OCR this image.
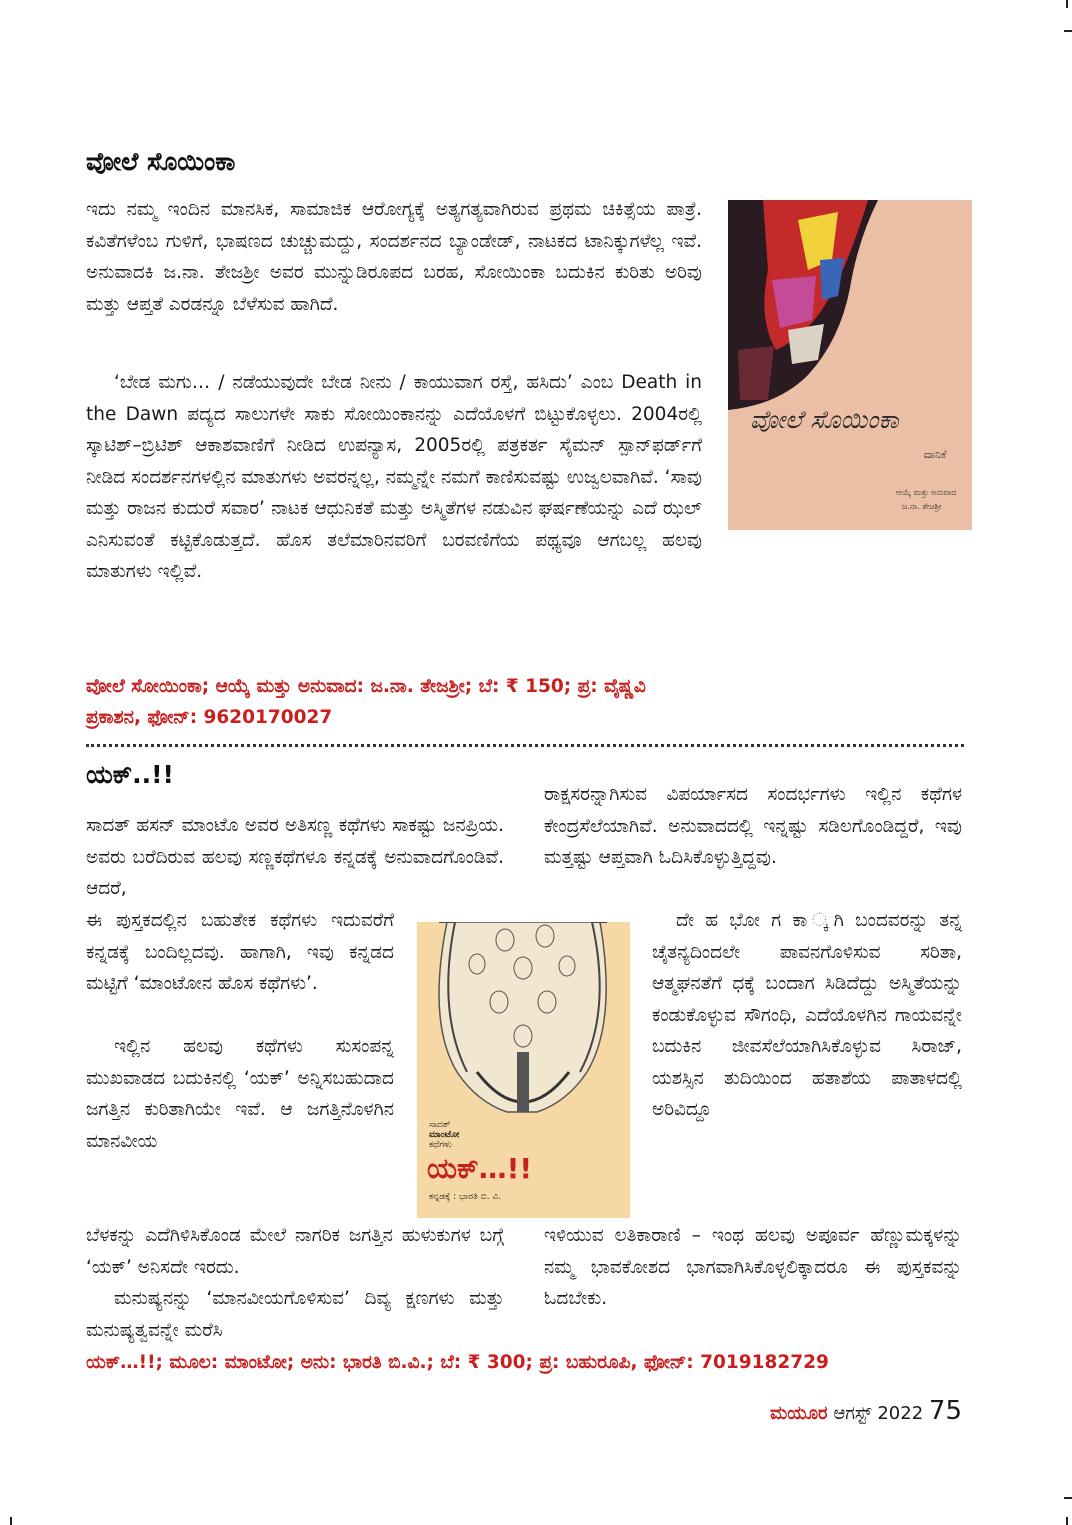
ವೋಲೆ ಸೊಯಿಂಕಾ

ಇದು ನಮ್ಮ ಇಂದಿನ ಮಾನಸಿಕ, ಸಾಮಾಜಿಕ ಆರೋಗ್ಯಕ್ಕೆ ಅತ್ಯಗತ್ಯವಾಗಿರುವ ಪ್ರಥಮ ಚಿಕಿತ್ಸೆಯ ಪಾತ್ರೆ. ಕವಿತೆಗಳೆಂಬ ಗುಳಿಗೆ, ಭಾಷಣದ ಚುಚ್ಚುಮದ್ದು, ಸಂದರ್ಶನದ ಬ್ಯಾಂಡೇಡ್, ನಾಟಕದ ಟಾನಿಕ್ಕುಗಳೆಲ್ಲ ಇವೆ. ಅನುವಾದಕಿ ಜ.ನಾ. ತೇಜಶ್ರೀ ಅವರ ಮುನ್ನುಡಿರೂಪದ ಬರಹ, ಸೋಯಿಂಕಾ ಬದುಕಿನ ಕುರಿತು ಅರಿವು ಮತ್ತು ಆಪ್ತತೆ ಎರಡನ್ನೂ ಬೆಳೆಸುವ ಹಾಗಿದೆ.

‘ಬೇಡ ಮಗು… / ನಡೆಯುವುದೇ ಬೇಡ ನೀನು / ಕಾಯುವಾಗ ರಸ್ತೆ, ಹಸಿದು’ ಎಂಬ Death in the Dawn ಪದ್ಯದ ಸಾಲುಗಳೇ ಸಾಕು ಸೋಯಿಂಕಾನನ್ನು ಎದೆಯೊಳಗೆ ಬಿಟ್ಟುಕೊಳ್ಳಲು. 2004ರಲ್ಲಿ ಸ್ಕಾಟಿಶ್–ಬ್ರಿಟಿಶ್ ಆಕಾಶವಾಣಿಗೆ ನೀಡಿದ ಉಪನ್ಯಾಸ, 2005ರಲ್ಲಿ ಪತ್ರಕರ್ತ ಸೈಮನ್ ಸ್ಪಾನ್‌ಫರ್ಡ್‌ಗೆ ನೀಡಿದ ಸಂದರ್ಶನಗಳಲ್ಲಿನ ಮಾತುಗಳು ಅವರನ್ನಲ್ಲ, ನಮ್ಮನ್ನೇ ನಮಗೆ ಕಾಣಿಸುವಷ್ಟು ಉಜ್ವಲವಾಗಿವೆ. ‘ಸಾವು ಮತ್ತು ರಾಜನ ಕುದುರೆ ಸವಾರ’ ನಾಟಕ ಆಧುನಿಕತೆ ಮತ್ತು ಅಸ್ಮಿತೆಗಳ ನಡುವಿನ ಘರ್ಷಣೆಯನ್ನು ಎದೆ ಝಲ್ ಎನಿಸುವಂತೆ ಕಟ್ಟಿಕೊಡುತ್ತದೆ. ಹೊಸ ತಲೆಮಾರಿನವರಿಗೆ ಬರವಣಿಗೆಯ ಪಥ್ಯವೂ ಆಗಬಲ್ಲ ಹಲವು ಮಾತುಗಳು ಇಲ್ಲಿವೆ.

ವೋಲೆ ಸೋಯಿಂಕಾ; ಆಯ್ಕೆ ಮತ್ತು ಅನುವಾದ: ಜ.ನಾ. ತೇಜಶ್ರೀ; ಬೆ: ₹ 150; ಪ್ರ: ವೈಷ್ಣವಿ ಪ್ರಕಾಶನ, ಫೋನ್: 9620170027

ವೋಲೆ ಸೊಯಿಂಕಾ
ದಾನಿಕೆ
ಆಯ್ಕೆ ಮತ್ತು ಅನುವಾದ
ಜ.ನಾ. ತೇಜಶ್ರೀ
ಯಕ್..!!

ಸಾದತ್ ಹಸನ್ ಮಾಂಟೊ ಅವರ ಅತಿಸಣ್ಣ ಕಥೆಗಳು ಸಾಕಷ್ಟು ಜನಪ್ರಿಯ. ಅವರು ಬರೆದಿರುವ ಹಲವು ಸಣ್ಣಕಥೆಗಳೂ ಕನ್ನಡಕ್ಕೆ ಅನುವಾದಗೊಂಡಿವೆ. ಆದರೆ,

ಈ ಪುಸ್ತಕದಲ್ಲಿನ ಬಹುತೇಕ ಕಥೆಗಳು ಇದುವರೆಗೆ ಕನ್ನಡಕ್ಕೆ ಬಂದಿಲ್ಲದವು. ಹಾಗಾಗಿ, ಇವು ಕನ್ನಡದ ಮಟ್ಟಿಗೆ ‘ಮಾಂಟೋನ ಹೊಸ ಕಥೆಗಳು’.

ಇಲ್ಲಿನ ಹಲವು ಕಥೆಗಳು ಸುಸಂಪನ್ನ ಮುಖವಾಡದ ಬದುಕಿನಲ್ಲಿ ‘ಯಕ್’ ಅನ್ನಿಸಬಹುದಾದ ಜಗತ್ತಿನ ಕುರಿತಾಗಿಯೇ ಇವೆ. ಆ ಜಗತ್ತಿನೊಳಗಿನ ಮಾನವೀಯ

ಬೆಳಕನ್ನು ಎದೆಗಿಳಿಸಿಕೊಂಡ ಮೇಲೆ ನಾಗರಿಕ ಜಗತ್ತಿನ ಹುಳುಕುಗಳ ಬಗ್ಗೆ ‘ಯಕ್’ ಅನಿಸದೇ ಇರದು.

ಮನುಷ್ಯನನ್ನು ‘ಮಾನವೀಯಗೊಳಿಸುವ’ ದಿವ್ಯ ಕ್ಷಣಗಳು ಮತ್ತು ಮನುಷ್ಯತ್ವವನ್ನೇ ಮರೆಸಿ

ರಾಕ್ಷಸರನ್ನಾಗಿಸುವ ವಿಪರ್ಯಾಸದ ಸಂದರ್ಭಗಳು ಇಲ್ಲಿನ ಕಥೆಗಳ ಕೇಂದ್ರಸೆಲೆಯಾಗಿವೆ. ಅನುವಾದದಲ್ಲಿ ಇನ್ನಷ್ಟು ಸಡಿಲಗೊಂಡಿದ್ದರೆ, ಇವು ಮತ್ತಷ್ಟು ಆಪ್ತವಾಗಿ ಓದಿಸಿಕೊಳ್ಳುತ್ತಿದ್ದವು.

ದೇ ಹ ಭೋ ಗ ಕಾ ್ಕಗಿ ಬಂದವರನ್ನು ತನ್ನ ಚೈತನ್ಯದಿಂದಲೇ ಪಾವನಗೊಳಿಸುವ ಸರಿತಾ, ಆತ್ಮಘನತೆಗೆ ಧಕ್ಕೆ ಬಂದಾಗ ಸಿಡಿದೆದ್ದು ಅಸ್ಮಿತೆಯನ್ನು ಕಂಡುಕೊಳ್ಳುವ ಸೌಗಂಧಿ, ಎದೆಯೊಳಗಿನ ಗಾಯವನ್ನೇ ಬದುಕಿನ ಜೀವಸೆಲೆಯಾಗಿಸಿಕೊಳ್ಳುವ ಸಿರಾಜ್, ಯಶಸ್ಸಿನ ತುದಿಯಿಂದ ಹತಾಶೆಯ ಪಾತಾಳದಲ್ಲಿ ಅರಿವಿದ್ದೂ

ಇಳಿಯುವ ಲತಿಕಾರಾಣಿ – ಇಂಥ ಹಲವು ಅಪೂರ್ವ ಹೆಣ್ಣುಮಕ್ಕಳನ್ನು ನಮ್ಮ ಭಾವಕೋಶದ ಭಾಗವಾಗಿಸಿಕೊಳ್ಳಲಿಕ್ಕಾದರೂ ಈ ಪುಸ್ತಕವನ್ನು ಓದಬೇಕು.

ಯಕ್…!!; ಮೂಲ: ಮಾಂಟೋ; ಅನು: ಭಾರತಿ ಬಿ.ವಿ.; ಬೆ: ₹ 300; ಪ್ರ: ಬಹುರೂಪಿ, ಫೋನ್: 7019182729

ಸಾದತ್
ಮಾಂಟೋ
ಕಥೆಗಳು
ಯಕ್…!!
ಕನ್ನಡಕ್ಕೆ : ಭಾರತಿ ಬಿ. ವಿ.
ಮಯೂರ ಆಗಸ್ಟ್ 2022 75
